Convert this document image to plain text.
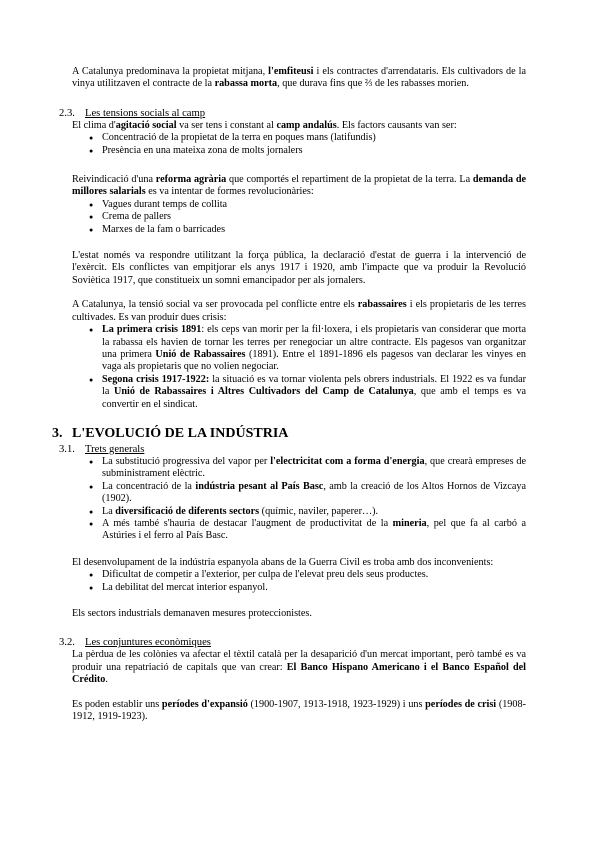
A Catalunya predominava la propietat mitjana, l'emfiteusi i els contractes d'arrendataris. Els cultivadors de la vinya utilitzaven el contracte de la rabassa morta, que durava fins que ⅔ de les rabasses morien.

2.3. Les tensions socials al camp

El clima d'agitació social va ser tens i constant al camp andalús. Els factors causants van ser:

● Concentració de la propietat de la terra en poques mans (latifundis)
● Presència en una mateixa zona de molts jornalers

Reivindicació d'una reforma agrària que comportés el repartiment de la propietat de la terra. La demanda de millores salarials es va intentar de formes revolucionàries:

● Vagues durant temps de collita
● Crema de pallers
● Marxes de la fam o barricades

L'estat només va respondre utilitzant la força pública, la declaració d'estat de guerra i la intervenció de l'exèrcit. Els conflictes van empitjorar els anys 1917 i 1920, amb l'impacte que va produir la Revolució Soviètica 1917, que constitueix un somni emancipador per als jornalers.

A Catalunya, la tensió social va ser provocada pel conflicte entre els rabassaires i els propietaris de les terres cultivades. Es van produir dues crisis:

● La primera crisis 1891: els ceps van morir per la fil·loxera, i els propietaris van considerar que morta la rabassa els havien de tornar les terres per renegociar un altre contracte. Els pagesos van organitzar una primera Unió de Rabassaires (1891). Entre el 1891-1896 els pagesos van declarar les vinyes en vaga als propietaris que no volien negociar.
● Segona crisis 1917-1922: la situació es va tornar violenta pels obrers industrials. El 1922 es va fundar la Unió de Rabassaires i Altres Cultivadors del Camp de Catalunya, que amb el temps es va convertir en el sindicat.
3. L'EVOLUCIÓ DE LA INDÚSTRIA
3.1. Trets generals
● La substitució progressiva del vapor per l'electricitat com a forma d'energia, que crearà empreses de subministrament elèctric.
● La concentració de la indústria pesant al País Basc, amb la creació de los Altos Hornos de Vizcaya (1902).
● La diversificació de diferents sectors (químic, naviler, paperer…).
● A més també s'hauria de destacar l'augment de productivitat de la mineria, pel que fa al carbó a Astúries i el ferro al País Basc.

El desenvolupament de la indústria espanyola abans de la Guerra Civil es troba amb dos inconvenients:

● Dificultat de competir a l'exterior, per culpa de l'elevat preu dels seus productes.
● La debilitat del mercat interior espanyol.

Els sectors industrials demanaven mesures proteccionistes.

3.2. Les conjuntures econòmiques

La pèrdua de les colònies va afectar el tèxtil català per la desaparició d'un mercat important, però també es va produir una repatriació de capitals que van crear: El Banco Hispano Americano i el Banco Español del Crédito.

Es poden establir uns períodes d'expansió (1900-1907, 1913-1918, 1923-1929) i uns períodes de crisi (1908-1912, 1919-1923).
